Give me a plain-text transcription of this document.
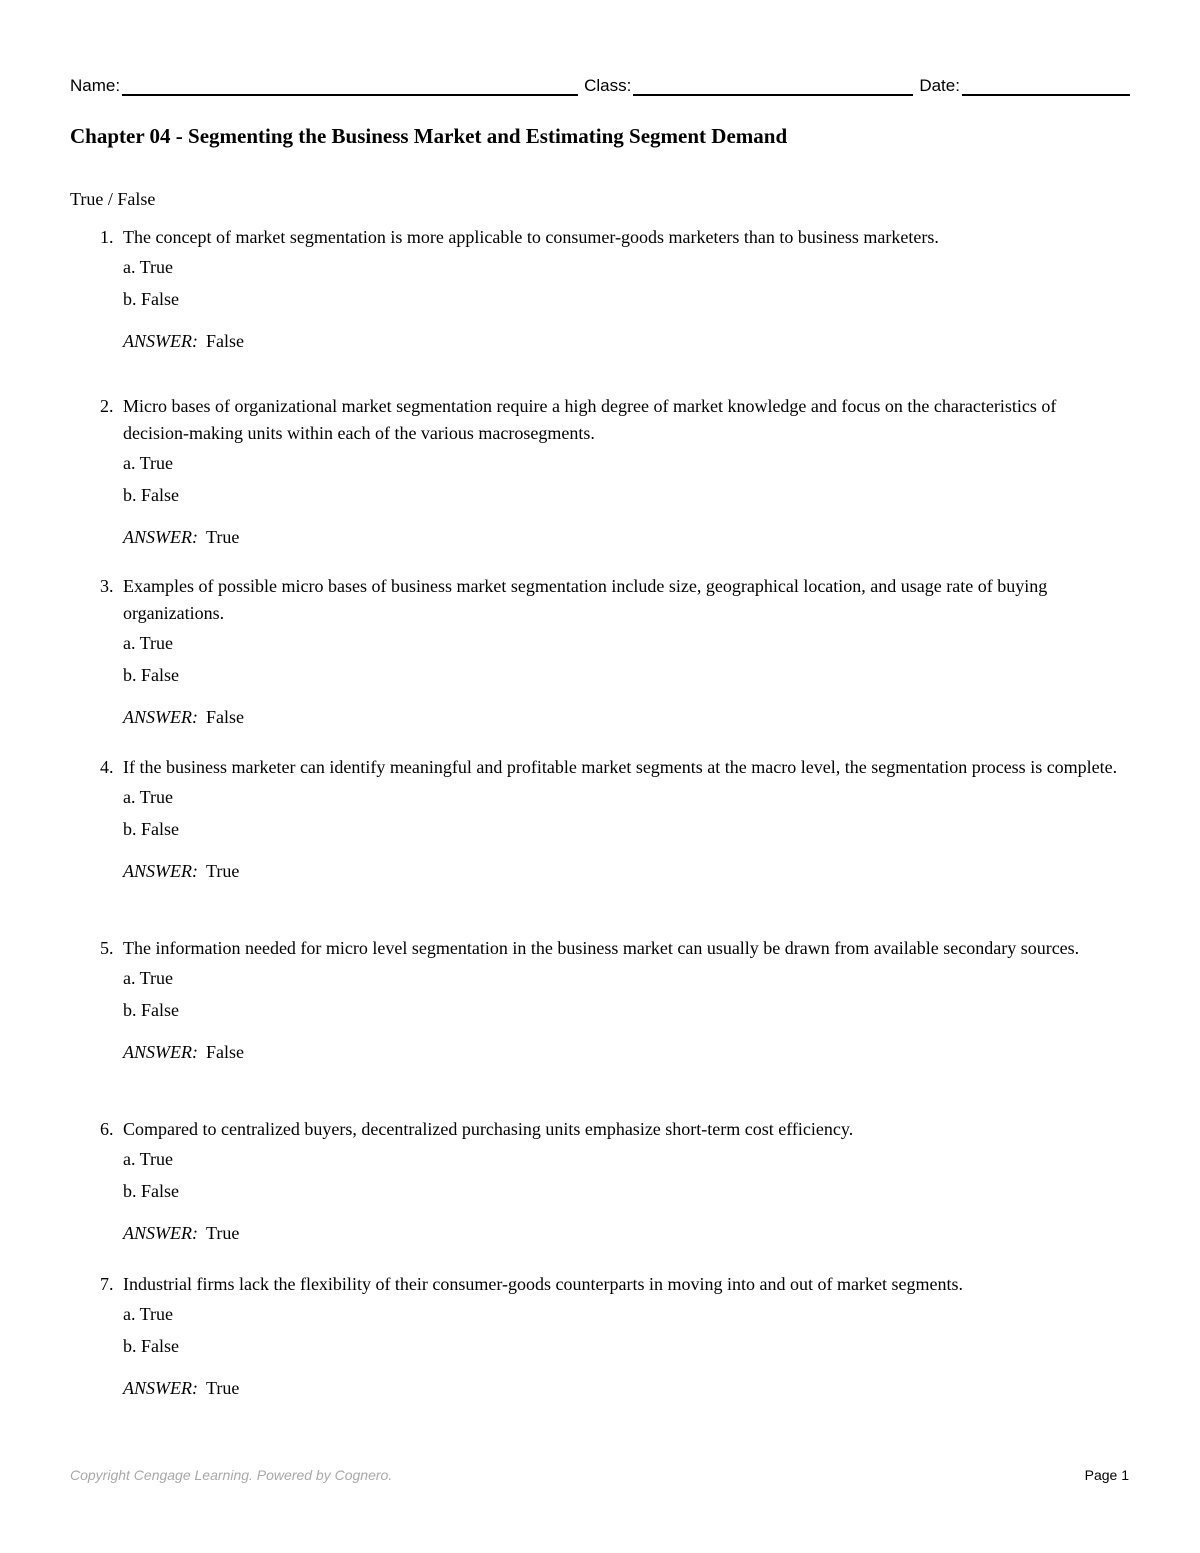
Name:	Class:	Date:
Chapter 04 - Segmenting the Business Market and Estimating Segment Demand
True / False
1. The concept of market segmentation is more applicable to consumer-goods marketers than to business marketers.
a. True
b. False
ANSWER: False
2. Micro bases of organizational market segmentation require a high degree of market knowledge and focus on the characteristics of decision-making units within each of the various macrosegments.
a. True
b. False
ANSWER: True
3. Examples of possible micro bases of business market segmentation include size, geographical location, and usage rate of buying organizations.
a. True
b. False
ANSWER: False
4. If the business marketer can identify meaningful and profitable market segments at the macro level, the segmentation process is complete.
a. True
b. False
ANSWER: True
5. The information needed for micro level segmentation in the business market can usually be drawn from available secondary sources.
a. True
b. False
ANSWER: False
6. Compared to centralized buyers, decentralized purchasing units emphasize short-term cost efficiency.
a. True
b. False
ANSWER: True
7. Industrial firms lack the flexibility of their consumer-goods counterparts in moving into and out of market segments.
a. True
b. False
ANSWER: True
Copyright Cengage Learning. Powered by Cognero.	Page 1
